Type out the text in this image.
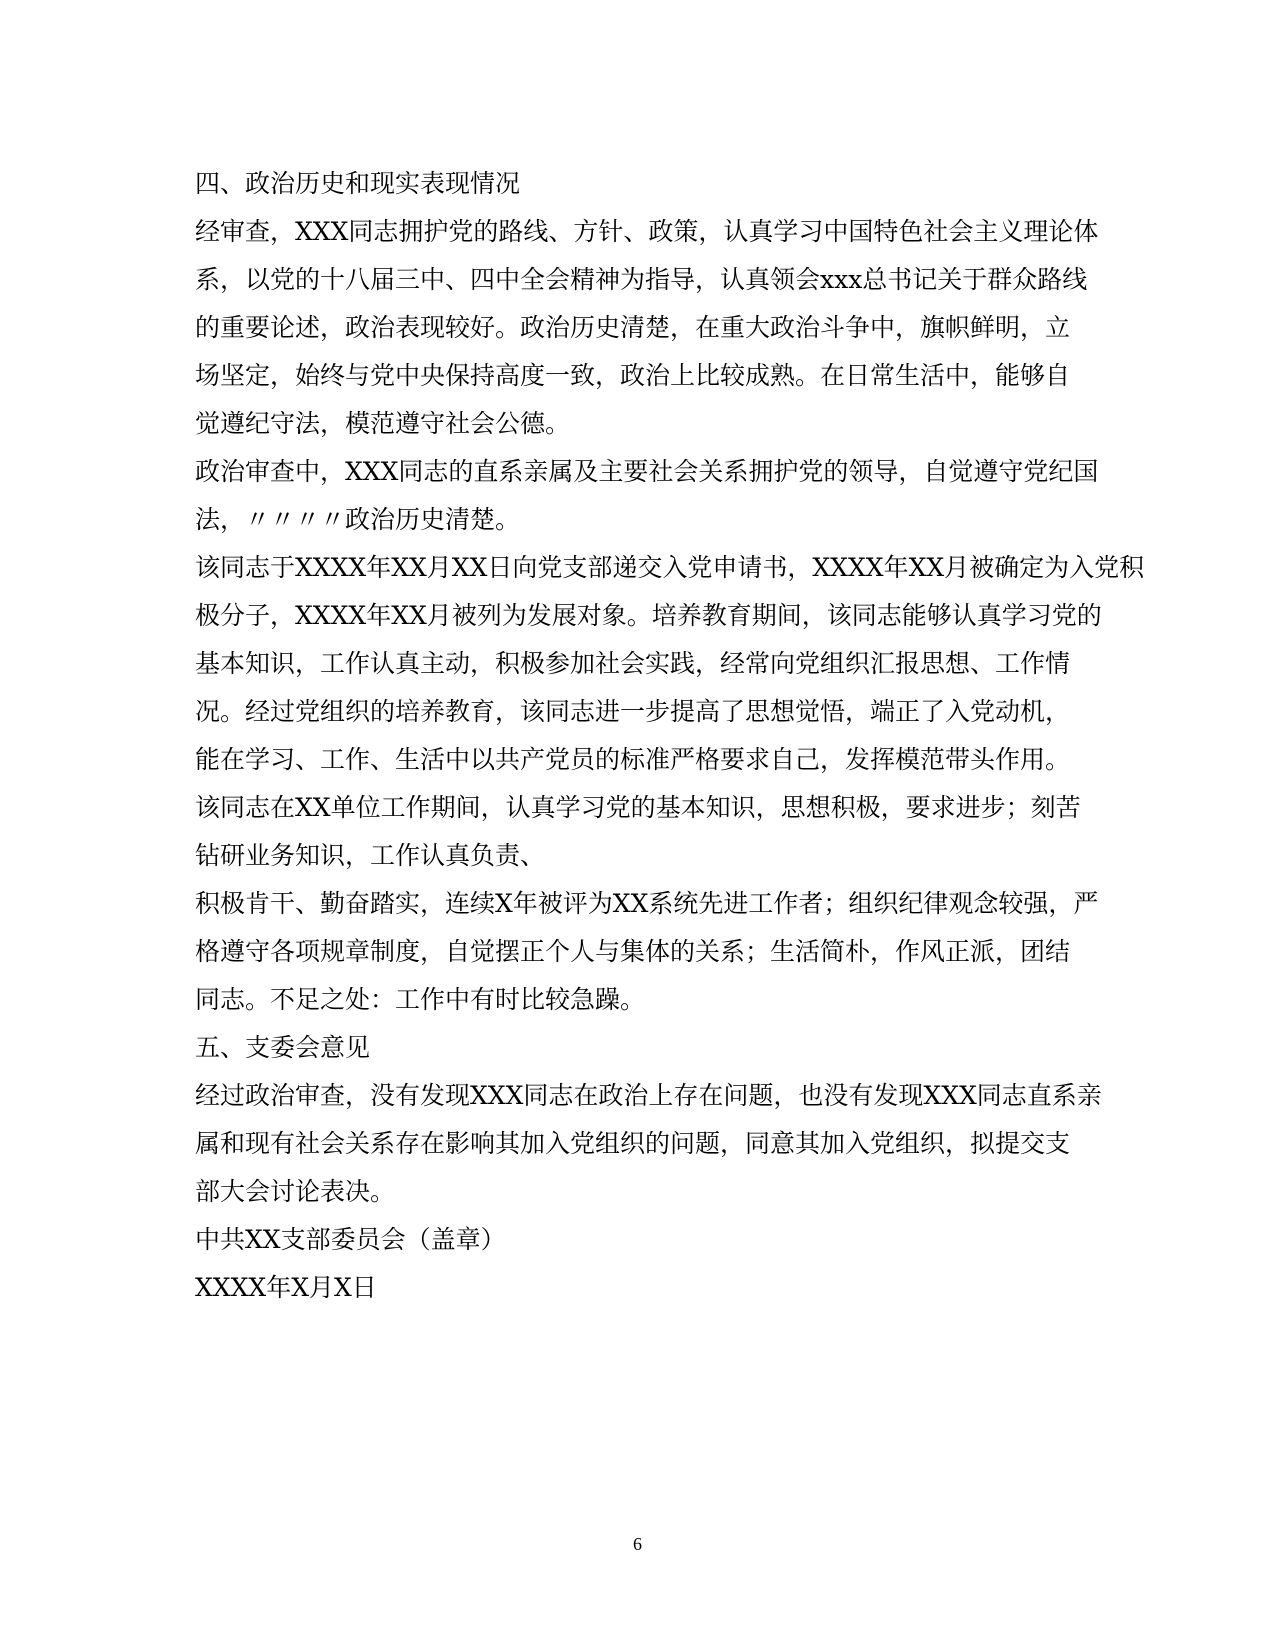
四、政治历史和现实表现情况
经审查，XXX同志拥护党的路线、方针、政策，认真学习中国特色社会主义理论体
系，以党的十八届三中、四中全会精神为指导，认真领会xxx总书记关于群众路线
的重要论述，政治表现较好。政治历史清楚，在重大政治斗争中，旗帜鲜明，立
场坚定，始终与党中央保持高度一致，政治上比较成熟。在日常生活中，能够自
觉遵纪守法，模范遵守社会公德。
政治审查中，XXX同志的直系亲属及主要社会关系拥护党的领导，自觉遵守党纪国
法，〃〃〃〃政治历史清楚。
该同志于XXXX年XX月XX日向党支部递交入党申请书，XXXX年XX月被确定为入党积
极分子，XXXX年XX月被列为发展对象。培养教育期间，该同志能够认真学习党的
基本知识，工作认真主动，积极参加社会实践，经常向党组织汇报思想、工作情
况。经过党组织的培养教育，该同志进一步提高了思想觉悟，端正了入党动机，
能在学习、工作、生活中以共产党员的标准严格要求自己，发挥模范带头作用。
该同志在XX单位工作期间，认真学习党的基本知识，思想积极，要求进步；刻苦
钻研业务知识，工作认真负责、
积极肯干、勤奋踏实，连续X年被评为XX系统先进工作者；组织纪律观念较强，严
格遵守各项规章制度，自觉摆正个人与集体的关系；生活简朴，作风正派，团结
同志。不足之处：工作中有时比较急躁。
五、支委会意见
经过政治审查，没有发现XXX同志在政治上存在问题，也没有发现XXX同志直系亲
属和现有社会关系存在影响其加入党组织的问题，同意其加入党组织，拟提交支
部大会讨论表决。
中共XX支部委员会（盖章）
XXXX年X月X日
6
